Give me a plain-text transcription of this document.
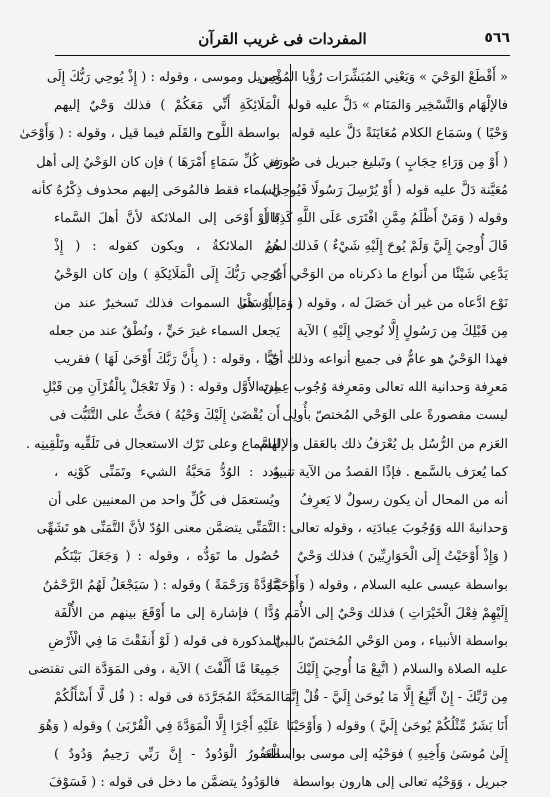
٥٦٦
المفردات فى غريب القرآن
« أَقْطَعْ الوَحْيَ » وَيَعْنِي المُبَشِّرَات رُؤْيا المُؤْمِن
فالإلْهَام وَالتَّسْخِير وَالمَنَام » دَلَّ عليه قوله
وَحْيًا ) وسَمَاع الكلام مُعَايَنَةً دَلَّ عليه قوله
( أَوْ مِن وَرَاءِ حِجَابٍ ) وتَبليغ جبريل فى صُورَة
مُعَيَّنة دَلَّ عليه قوله ( أَوْ يُرْسِلَ رَسُولًا فَيُوحِيَ )
وقوله ( وَمَنْ أَظْلَمُ مِمَّنِ افْتَرَى عَلَى اللَّهِ كَذِبًا أَوْ
قَالَ أُوحِيَ إِلَيَّ وَلَمْ يُوحَ إِلَيْهِ شَيْءٌ ) فَذلك لمن
يَدَّعِي شَيْئًا من أَنواع ما ذكرناه من الوَحْي أَىّ
نَوْع ادَّعاه من غير أن حَصَلَ له ، وقوله ( وَمَا أَرْسَلْنَا
مِن قَبْلِكَ مِن رَسُولٍ إِلَّا نُوحِي إِلَيْهِ ) الآية
فهذا الوَحْيُ هو عامٌّ فى جميع أنواعه وذلك أنّ
مَعرِفة وَحدانية الله تعالى ومَعرِفة وُجُوب عِبادته
ليست مقصورةً على الوَحْي المُختصّ بأُولِى
العَزم من الرُّسُل بل يُعْرَفُ ذلك بالعَقل والإلهام
كما يُعرَف بالسَّمع . فإذًا القصدُ من الآية تنبيهٌ
أنه من المحال أن يكون رسولٌ لا يَعرِفُ
وَحدانيةَ الله وَوُجُوبَ عِبادَتِه ، وقوله تعالى :
( وَإِذْ أَوْحَيْتُ إِلَى الْحَوَارِيِّينَ ) فذلك وَحْيٌ
بواسطة عيسى عليه السلام ، وقوله ( وَأَوْحَيْنَا
إِلَيْهِمْ فِعْلَ الْخَيْرَاتِ ) فذلك وَحْيٌ إلى الأُمَم
بواسطة الأنبياء ، ومن الوَحْي المُختصّ بالنبيّ
عليه الصلاة والسلام ( اتَّبِعْ مَا أُوحِيَ إِلَيْكَ
مِن رَّبِّكَ - إِنْ أَتَّبِعُ إِلَّا مَا يُوحَىٰ إِلَيَّ - قُلْ إِنَّمَا
أَنَا بَشَرٌ مِّثْلُكُمْ يُوحَىٰ إِلَيَّ ) وقوله ( وَأَوْحَيْنَا
إِلَىٰ مُوسَىٰ وَأَخِيهِ ) فوَحْيُه إلى موسى بواسطة
جبريل ، وَوَحْيُه تعالى إلى هارون بواسطة
جبريل وموسى ، وقوله : ( إِذْ يُوحِي رَبُّكَ إِلَى
الْمَلَائِكَةِ أَنِّي مَعَكُمْ ) فذلك وَحْيٌ إليهم
بواسطة اللَّوح والقَلَم فيما قيل ، وقوله : ( وَأَوْحَىٰ
فِي كُلِّ سَمَاءٍ أَمْرَهَا ) فإن كان الوَحْيُ إلى أهل
السماء فقط فالمُوحَى إليهم محذوف ذِكْرُهُ كأنه
قال أَوْحَى إلى الملائكة لأنَّ أهلَ السَّماء
هُمُ الملائكةُ ، ويكون كقوله : ( إِذْ
يُوحِي رَبُّكَ إِلَى الْمَلَائِكَةِ ) وإن كان الوَحْيُ
إليه هى السموات فذلك تَسخيرٌ عند من
يَجعل السماء غيرَ حَيٍّ ، ونُطْقٌ عند من جعله
حَيًّا ، وقوله : ( بِأَنَّ رَبَّكَ أَوْحَىٰ لَهَا ) فقريب
مِنَ الأَوَّل وقوله : ( وَلَا تَعْجَلْ بِالْقُرْآنِ مِن قَبْلِ
أَن يُقْضَىٰ إِلَيْكَ وَحْيُهُ ) فحَثٌّ على التَّثَبُّت فى
السَّماع وعلى تَرْك الاستعجال فى تَلَقِّيه وتَلْقِينِه .
ودد : الوُدُّ مَحَبَّةُ الشيء وتَمَنِّى كَوْنِه ،
ويُستعمَل فى كُلِّ واحد من المعنيين على أن
التَّمَنِّى يتضمَّن معنى الوُدّ لأنَّ التَّمَنِّى هو تَشَهِّى
حُصُول ما تَوَدُّه ، وقوله : ( وَجَعَلَ بَيْنَكُم
مَّوَدَّةً وَرَحْمَةً ) وقوله : ( سَيَجْعَلُ لَهُمُ الرَّحْمَٰنُ
وُدًّا ) فإشارة إلى ما أَوْقَعَ بينهم من الأُلْفَة
المذكورة فى قوله ( لَوْ أَنفَقْتَ مَا فِي الْأَرْضِ
جَمِيعًا مَّا أَلَّفْتَ ) الآية ، وفى المَوَدَّة التى تقتضى
المَحَبَّةَ المُجَرَّدَة فى قوله : ( قُل لَّا أَسْأَلُكُمْ
عَلَيْهِ أَجْرًا إِلَّا الْمَوَدَّةَ فِي الْقُرْبَىٰ ) وقوله ( وَهُوَ
الْغَفُورُ الْوَدُودُ - إِنَّ رَبِّي رَحِيمٌ وَدُودٌ )
فالوَدُودُ يتضمَّن ما دخل فى قوله : ( فَسَوْفَ
